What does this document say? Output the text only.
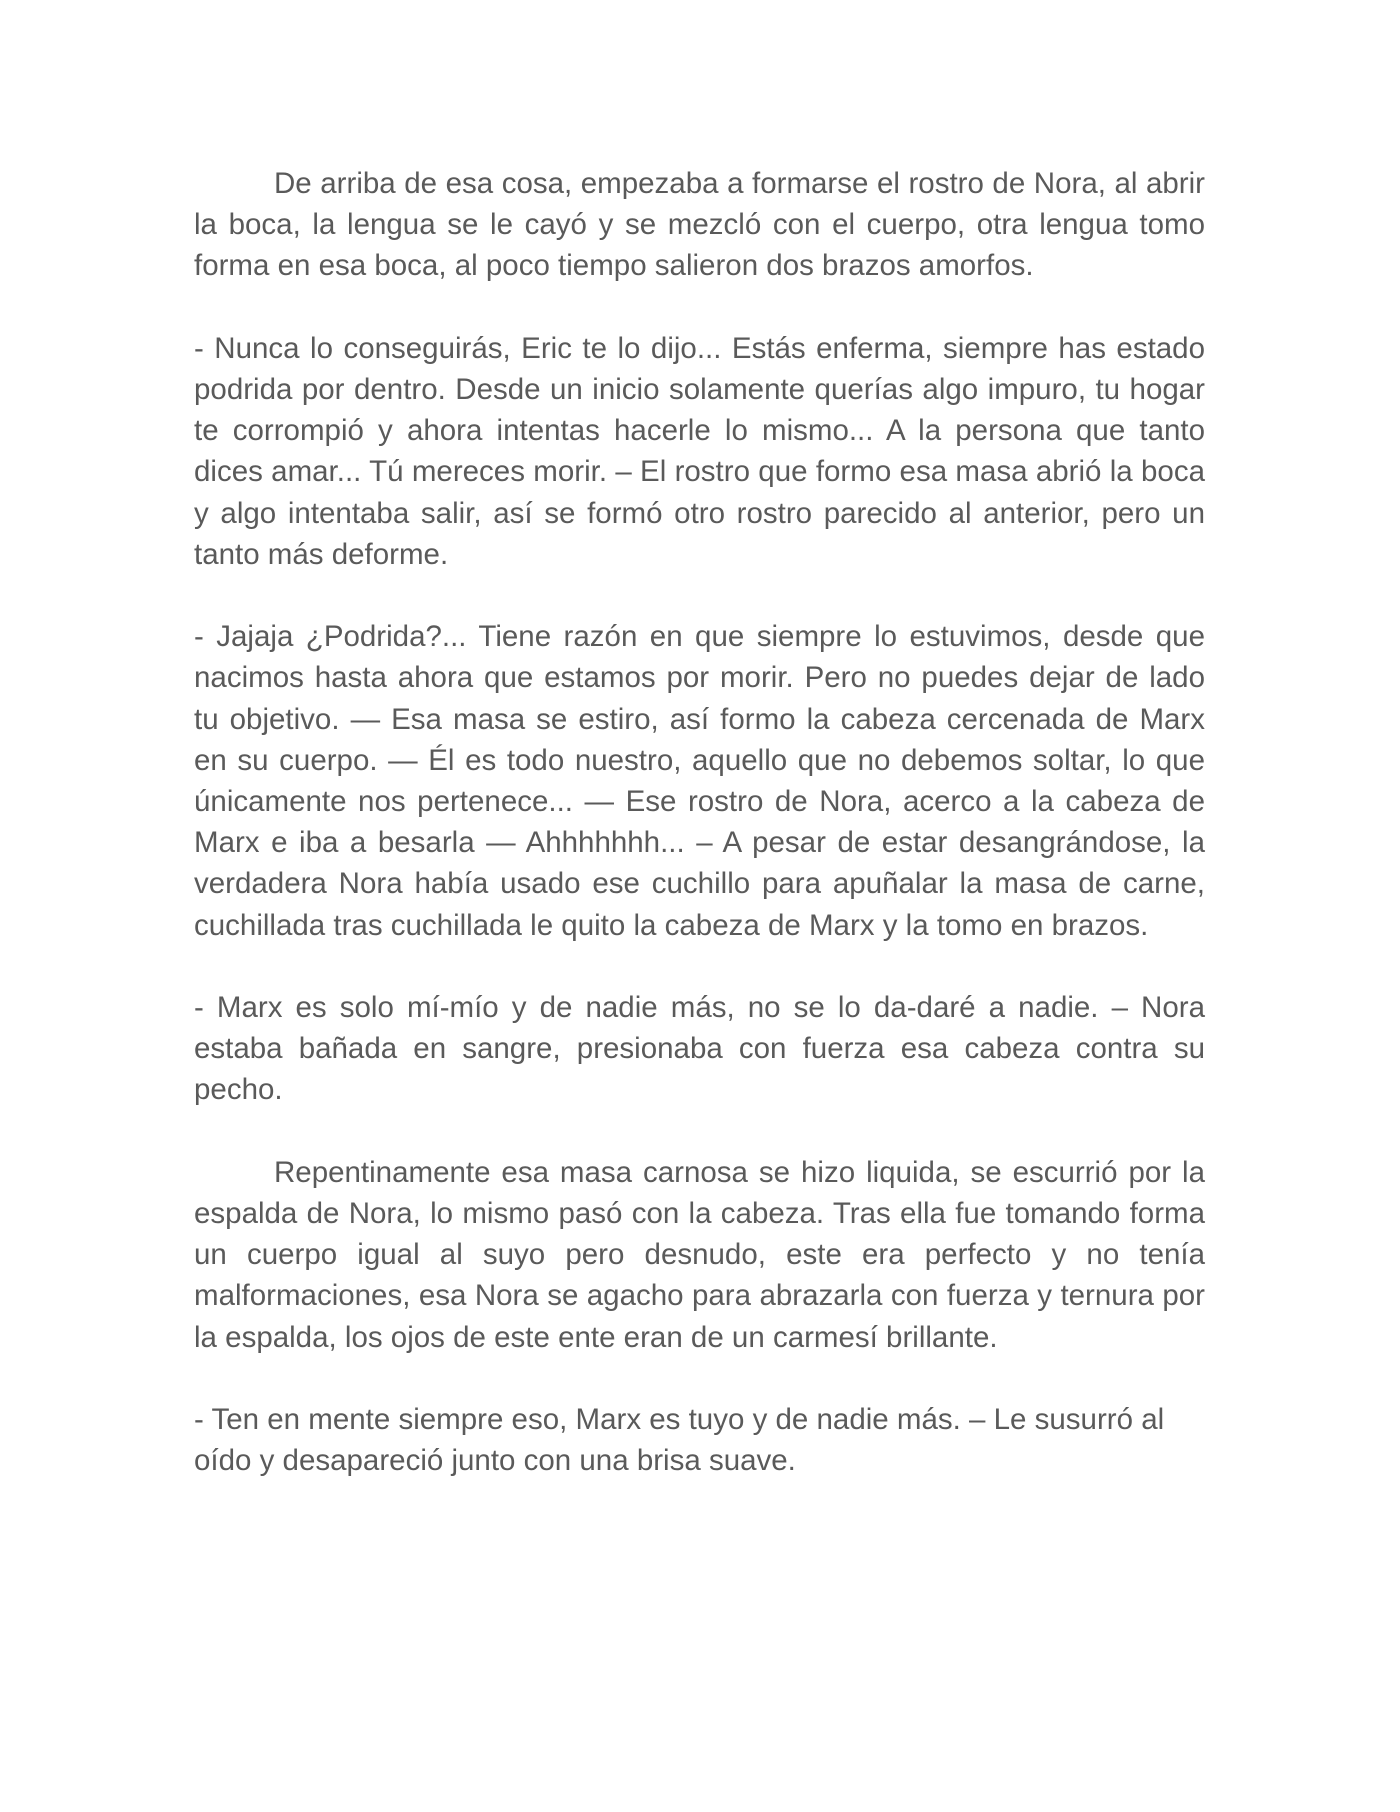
De arriba de esa cosa, empezaba a formarse el rostro de Nora, al abrir la boca, la lengua se le cayó y se mezcló con el cuerpo, otra lengua tomo forma en esa boca, al poco tiempo salieron dos brazos amorfos.

- Nunca lo conseguirás, Eric te lo dijo... Estás enferma, siempre has estado podrida por dentro. Desde un inicio solamente querías algo impuro, tu hogar te corrompió y ahora intentas hacerle lo mismo... A la persona que tanto dices amar... Tú mereces morir. – El rostro que formo esa masa abrió la boca y algo intentaba salir, así se formó otro rostro parecido al anterior, pero un tanto más deforme.

- Jajaja ¿Podrida?... Tiene razón en que siempre lo estuvimos, desde que nacimos hasta ahora que estamos por morir. Pero no puedes dejar de lado tu objetivo. — Esa masa se estiro, así formo la cabeza cercenada de Marx en su cuerpo. — Él es todo nuestro, aquello que no debemos soltar, lo que únicamente nos pertenece... — Ese rostro de Nora, acerco a la cabeza de Marx e iba a besarla — Ahhhhhhh... – A pesar de estar desangrándose, la verdadera Nora había usado ese cuchillo para apuñalar la masa de carne, cuchillada tras cuchillada le quito la cabeza de Marx y la tomo en brazos.

- Marx es solo mí-mío y de nadie más, no se lo da-daré a nadie. – Nora estaba bañada en sangre, presionaba con fuerza esa cabeza contra su pecho.

Repentinamente esa masa carnosa se hizo liquida, se escurrió por la espalda de Nora, lo mismo pasó con la cabeza. Tras ella fue tomando forma un cuerpo igual al suyo pero desnudo, este era perfecto y no tenía malformaciones, esa Nora se agacho para abrazarla con fuerza y ternura por la espalda, los ojos de este ente eran de un carmesí brillante.

- Ten en mente siempre eso, Marx es tuyo y de nadie más. – Le susurró al oído y desapareció junto con una brisa suave.
